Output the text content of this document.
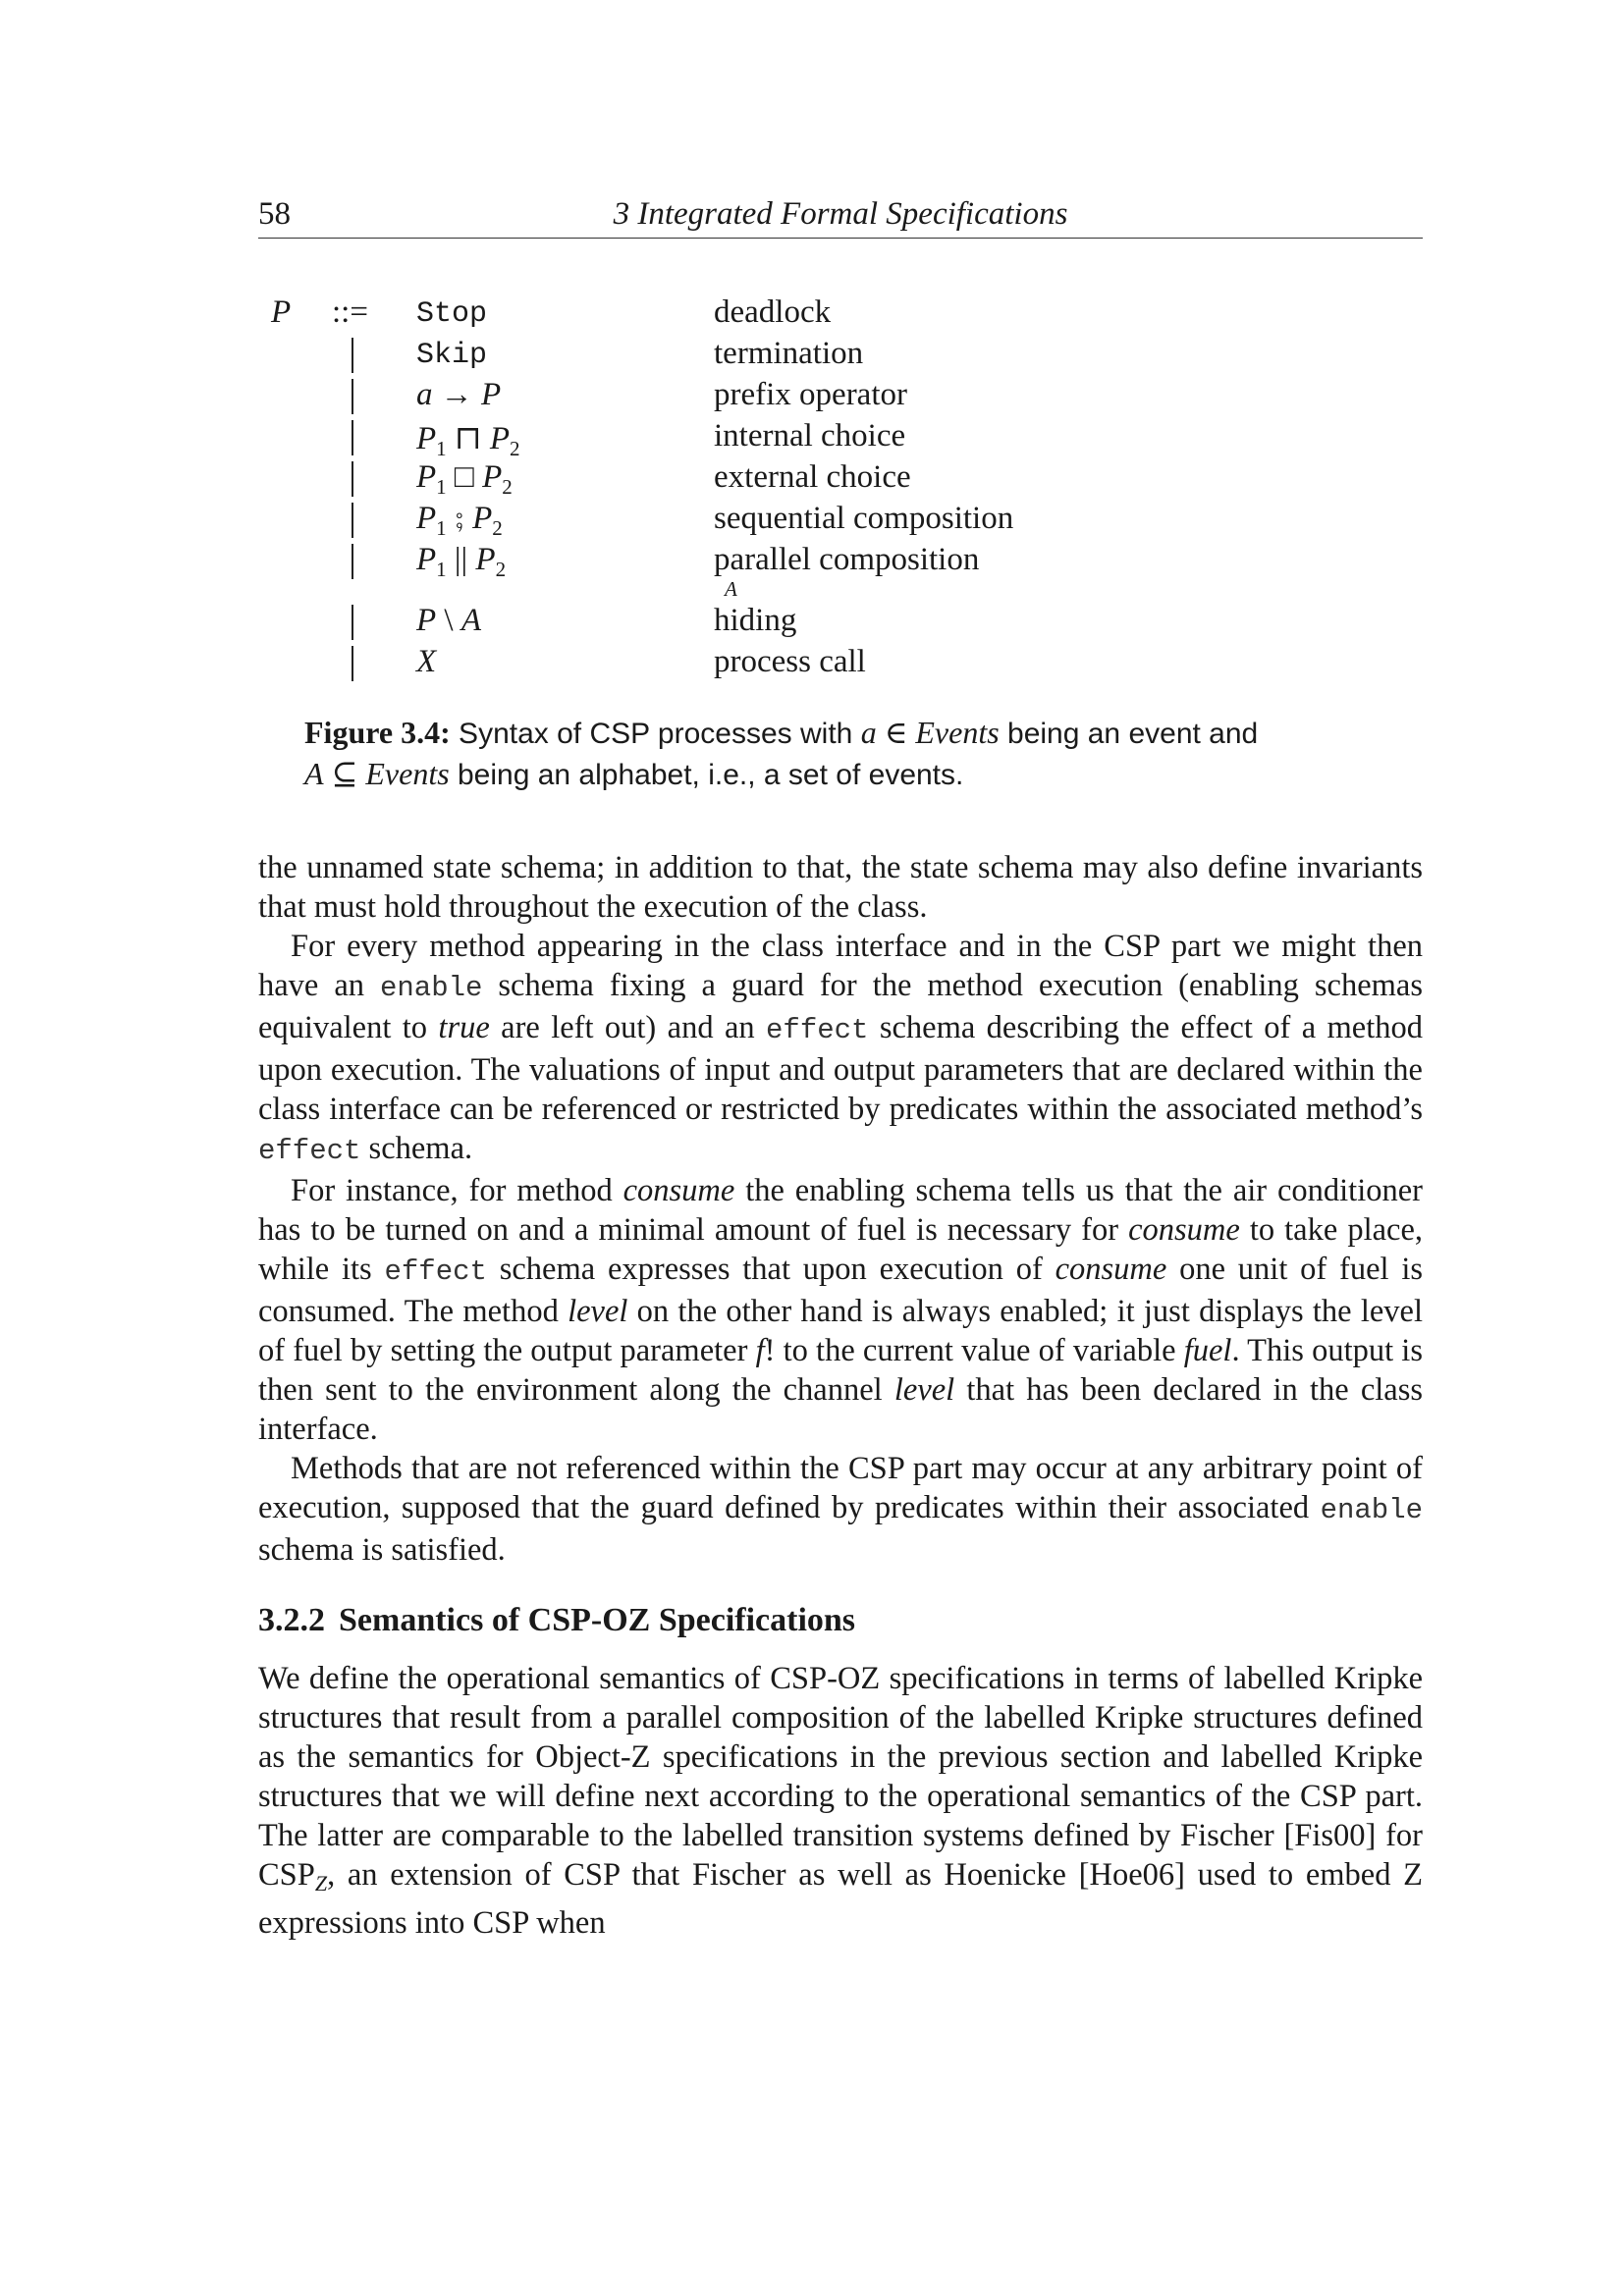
58	3 Integrated Formal Specifications
P ::= Stop	deadlock
Skip	termination
a → P	prefix operator
$P_1$ ⊓ $P_2$	internal choice
$P_1$ □ $P_2$	external choice
$P_1$ ⨟ $P_2$	sequential composition
$P_1$ || $P_2$	parallel composition
A
P \ A	hiding
X	process call
Figure 3.4: Syntax of CSP processes with a ∈ Events being an event and
A ⊆ Events being an alphabet, i.e., a set of events.

the unnamed state schema; in addition to that, the state schema may also define invariants that must hold throughout the execution of the class.

For every method appearing in the class interface and in the CSP part we might then have an enable schema fixing a guard for the method execution (enabling schemas equivalent to true are left out) and an effect schema describing the effect of a method upon execution. The valuations of input and output parameters that are declared within the class interface can be referenced or restricted by predicates within the associated method’s effect schema.

For instance, for method consume the enabling schema tells us that the air conditioner has to be turned on and a minimal amount of fuel is necessary for consume to take place, while its effect schema expresses that upon execution of consume one unit of fuel is consumed. The method level on the other hand is always enabled; it just displays the level of fuel by setting the output parameter f! to the current value of variable fuel. This output is then sent to the environment along the channel level that has been declared in the class interface.

Methods that are not referenced within the CSP part may occur at any arbitrary point of execution, supposed that the guard defined by predicates within their associated enable schema is satisfied.

3.2.2 Semantics of CSP-OZ Specifications

We define the operational semantics of CSP-OZ specifications in terms of labelled Kripke structures that result from a parallel composition of the labelled Kripke structures defined as the semantics for Object-Z specifications in the previous section and labelled Kripke structures that we will define next according to the operational semantics of the CSP part. The latter are comparable to the labelled transition systems defined by Fischer [Fis00] for CSPZ, an extension of CSP that Fischer as well as Hoenicke [Hoe06] used to embed Z expressions into CSP when
